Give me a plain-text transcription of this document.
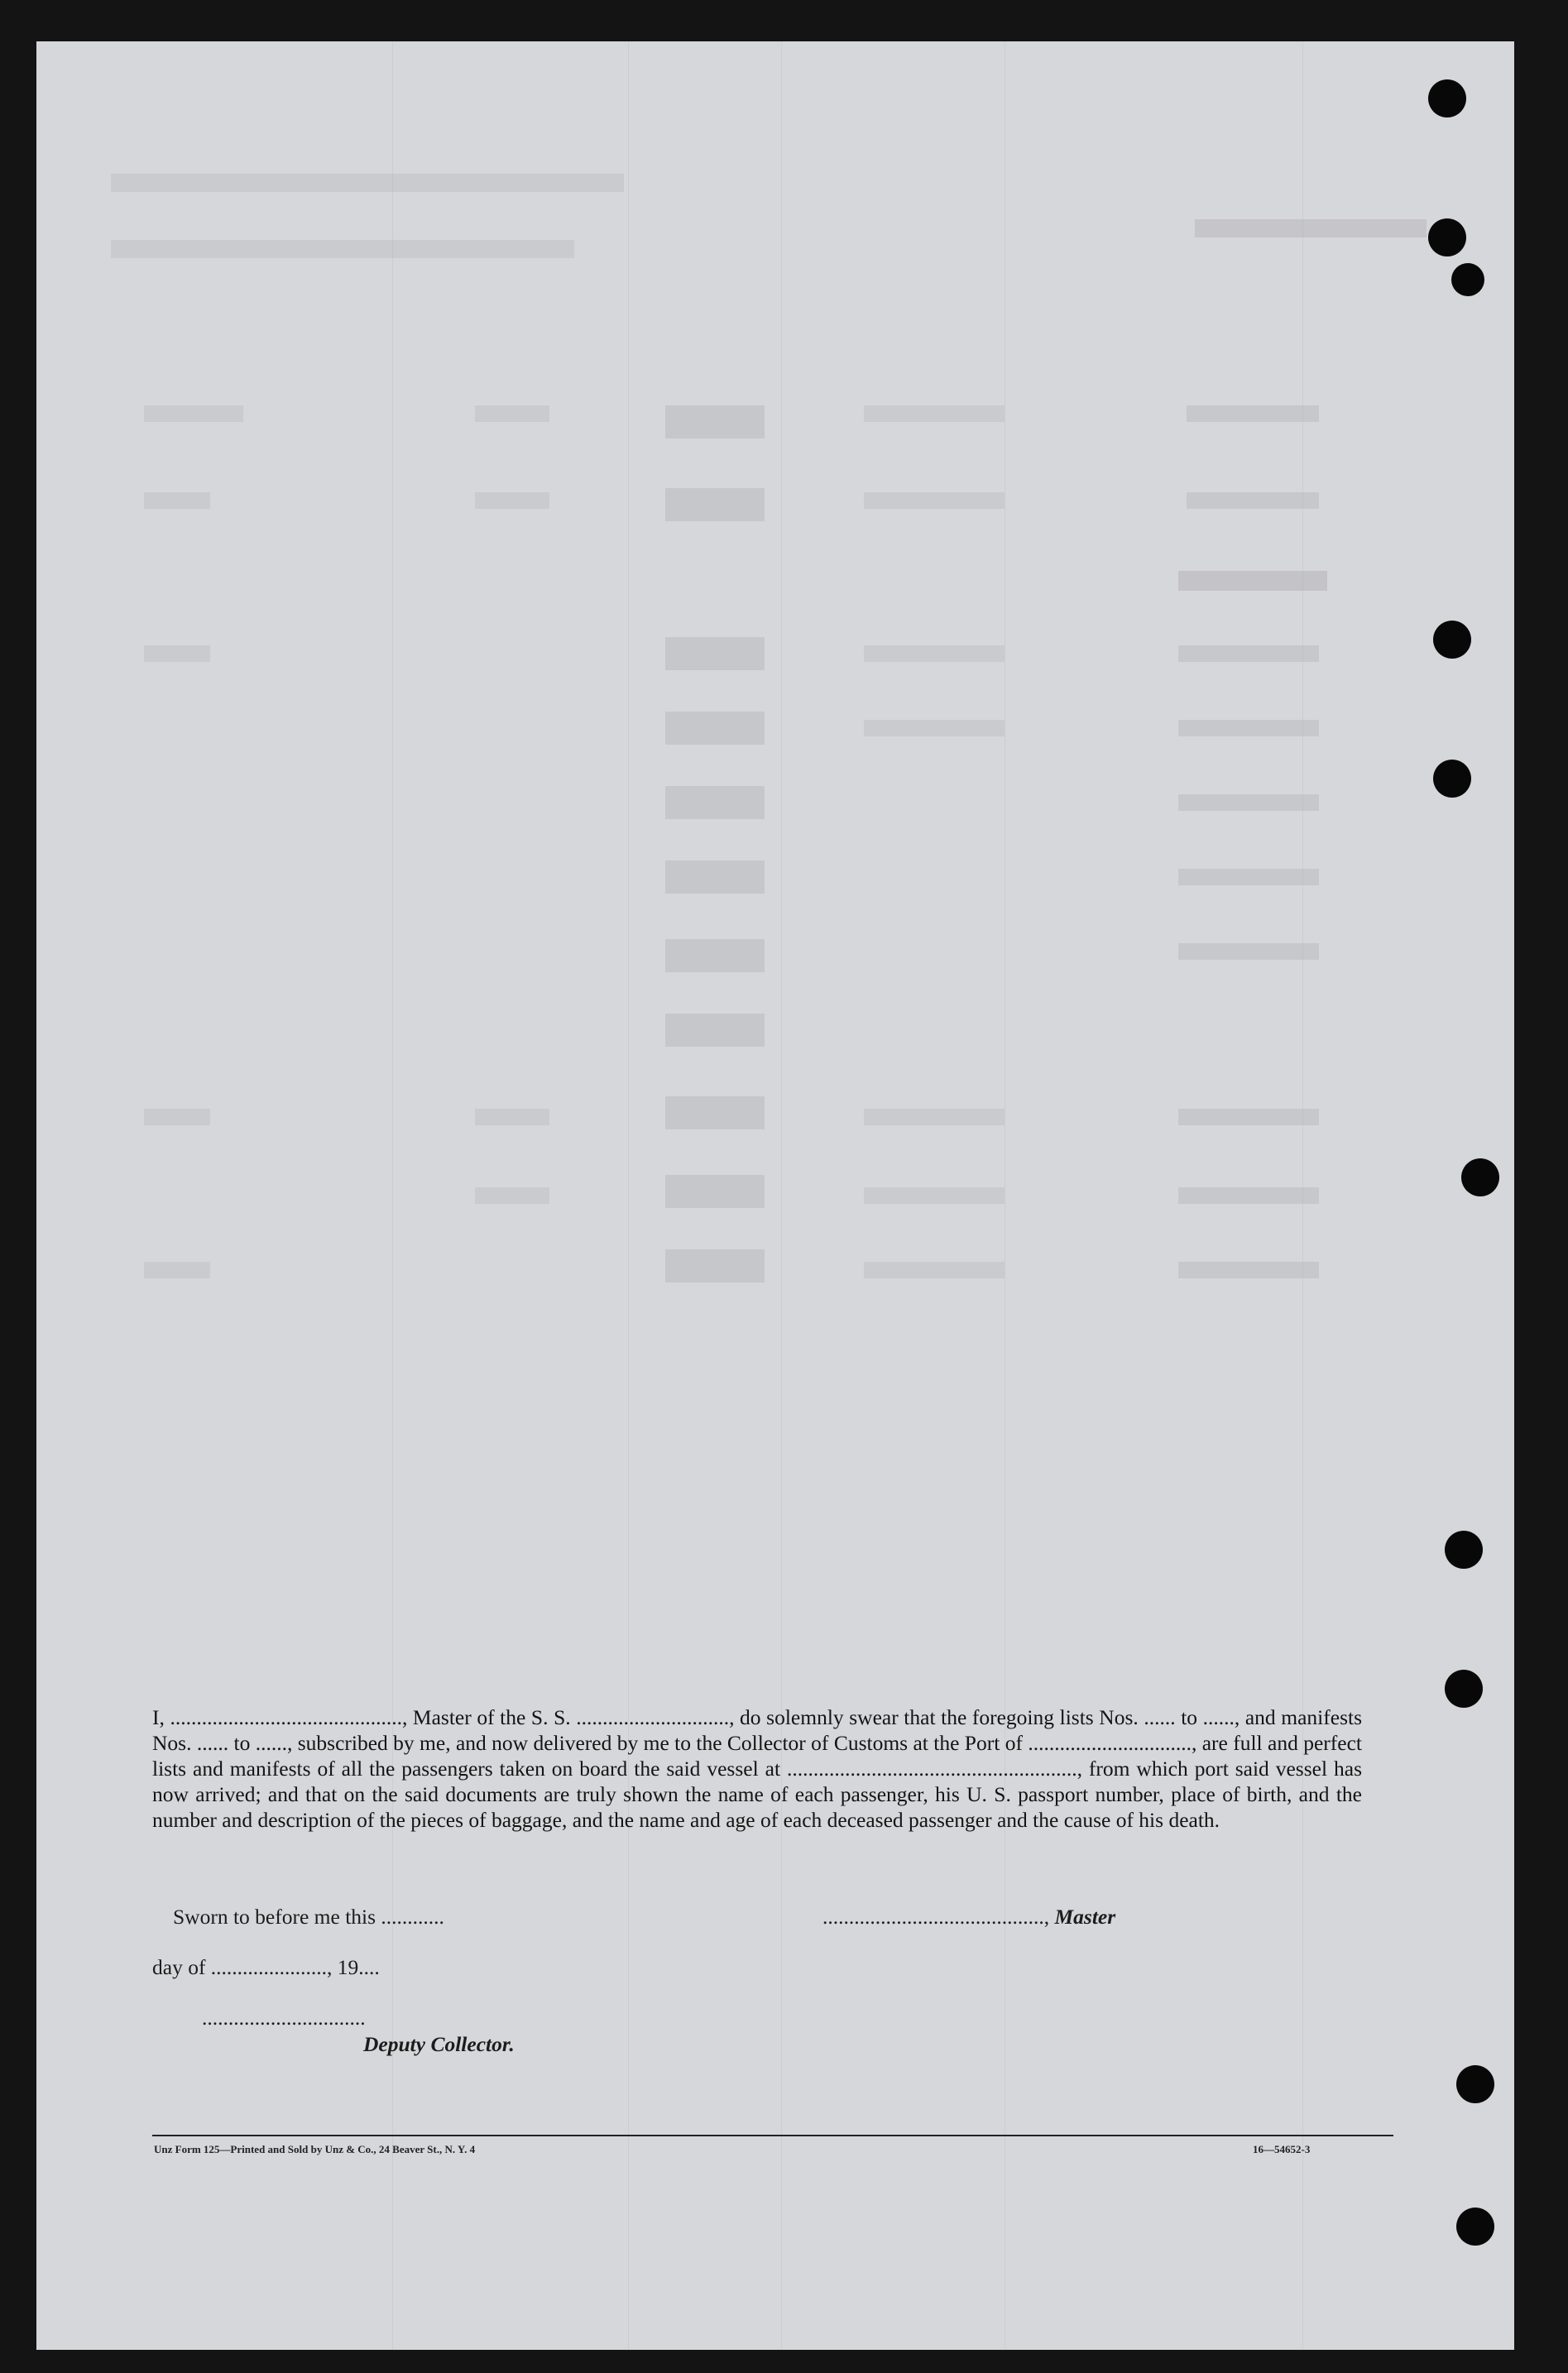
I, ............................................, Master of the S. S. ............................., do solemnly swear that the foregoing lists Nos. ...... to ......, and manifests Nos. ...... to ......, subscribed by me, and now delivered by me to the Collector of Customs at the Port of ..............................., are full and perfect lists and manifests of all the passengers taken on board the said vessel at ......................................................., from which port said vessel has now arrived; and that on the said documents are truly shown the name of each passenger, his U. S. passport number, place of birth, and the number and description of the pieces of baggage, and the name and age of each deceased passenger and the cause of his death.

Sworn to before me this ............	.........................................., Master
day of ......................, 19....
...............................
Deputy Collector.
Unz Form 125—Printed and Sold by Unz & Co., 24 Beaver St., N. Y. 4	16—54652-3
